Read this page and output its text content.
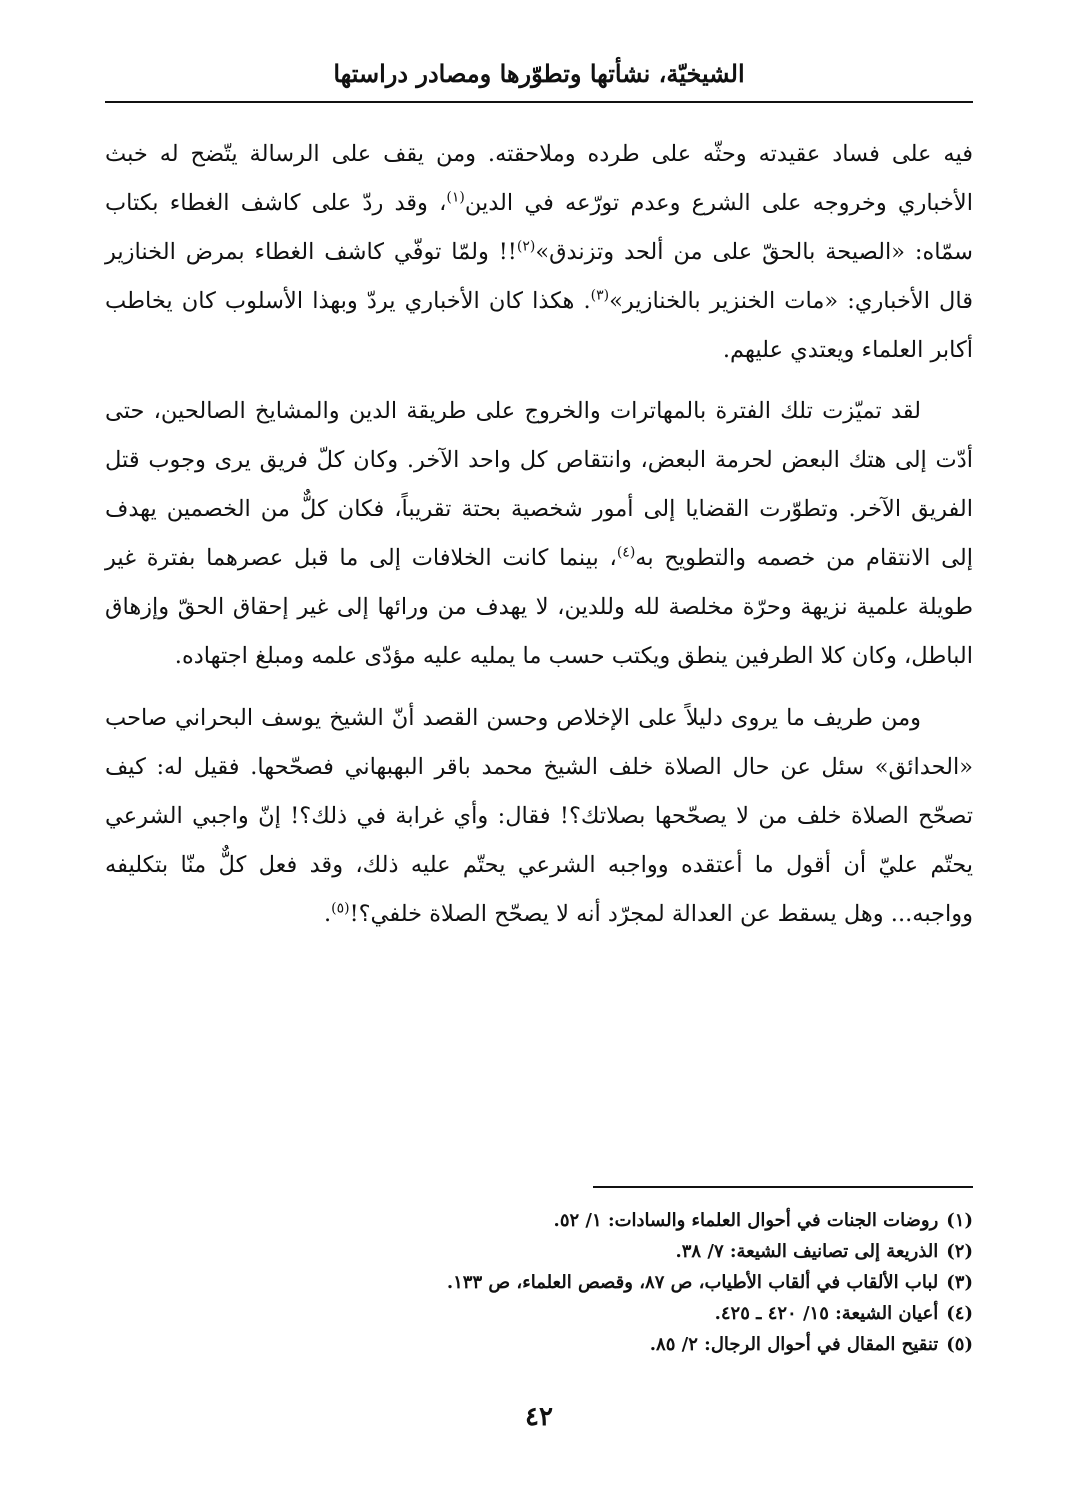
الشيخيّة، نشأتها وتطوّرها ومصادر دراستها

فيه على فساد عقيدته وحثّه على طرده وملاحقته. ومن يقف على الرسالة يتّضح له خبث الأخباري وخروجه على الشرع وعدم تورّعه في الدين$^{(١)}$، وقد ردّ على كاشف الغطاء بكتاب سمّاه: «الصيحة بالحقّ على من ألحد وتزندق»$^{(٢)}$!! ولمّا توفّي كاشف الغطاء بمرض الخنازير قال الأخباري: «مات الخنزير بالخنازير»$^{(٣)}$. هكذا كان الأخباري يردّ وبهذا الأسلوب كان يخاطب أكابر العلماء ويعتدي عليهم.

لقد تميّزت تلك الفترة بالمهاترات والخروج على طريقة الدين والمشايخ الصالحين، حتى أدّت إلى هتك البعض لحرمة البعض، وانتقاص كل واحد الآخر. وكان كلّ فريق يرى وجوب قتل الفريق الآخر. وتطوّرت القضايا إلى أمور شخصية بحتة تقريباً، فكان كلٌّ من الخصمين يهدف إلى الانتقام من خصمه والتطويح به$^{(٤)}$، بينما كانت الخلافات إلى ما قبل عصرهما بفترة غير طويلة علمية نزيهة وحرّة مخلصة لله وللدين، لا يهدف من ورائها إلى غير إحقاق الحقّ وإزهاق الباطل، وكان كلا الطرفين ينطق ويكتب حسب ما يمليه عليه مؤدّى علمه ومبلغ اجتهاده.

ومن طريف ما يروى دليلاً على الإخلاص وحسن القصد أنّ الشيخ يوسف البحراني صاحب «الحدائق» سئل عن حال الصلاة خلف الشيخ محمد باقر البهبهاني فصحّحها. فقيل له: كيف تصحّح الصلاة خلف من لا يصحّحها بصلاتك؟! فقال: وأي غرابة في ذلك؟! إنّ واجبي الشرعي يحتّم عليّ أن أقول ما أعتقده وواجبه الشرعي يحتّم عليه ذلك، وقد فعل كلٌّ منّا بتكليفه وواجبه... وهل يسقط عن العدالة لمجرّد أنه لا يصحّح الصلاة خلفي؟!$^{(٥)}$.

(١)روضات الجنات في أحوال العلماء والسادات: ١/ ٥٢.
(٢)الذريعة إلى تصانيف الشيعة: ٧/ ٣٨.
(٣)لباب الألقاب في ألقاب الأطياب، ص ٨٧، وقصص العلماء، ص ١٣٣.
(٤)أعيان الشيعة: ١٥/ ٤٢٠ ـ ٤٢٥.
(٥)تنقيح المقال في أحوال الرجال: ٢/ ٨٥.
٤٢
